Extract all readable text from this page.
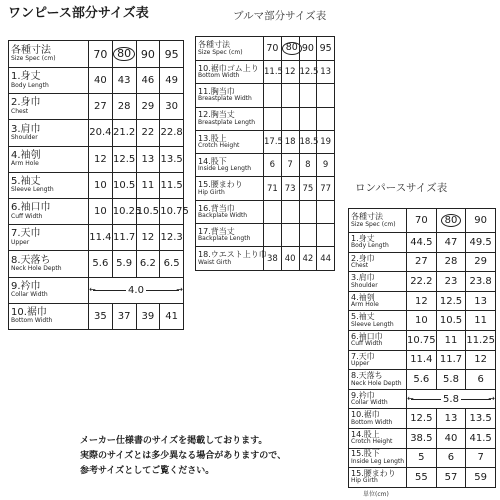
ワンピース部分サイズ表	ブルマ部分サイズ表
ロンパースサイズ表
各種寸法
Size Spec (cm)	70	80	90	95

1.身丈
Body Length	40	43	46	49

2.身巾
Chest	27	28	29	30

3.肩巾
Shoulder	20.4	21.2	22	22.8

4.袖刳
Arm Hole	12	12.5	13	13.5

5.袖丈
Sleeve Length	10	10.5	11	11.5

6.袖口巾
Cuff Width	10	10.25	10.5	10.75

7.天巾
Upper	11.4	11.7	12	12.3

8.天落ち
Neck Hole Depth	5.6	5.9	6.2	6.5

9.衿巾
Collar Width	← →
4.0			

10.裾巾
Bottom Width	35	37	39	41
各種寸法
Size Spec (cm)	70	80	90	95

10.裾巾ゴム上り
Bottom Width	11.5	12	12.5	13

11.胸当巾
Breastplate Width				

12.胸当丈
Breastplate Length				

13.股上
Crotch Height	17.5	18	18.5	19

14.股下
Inside Leg Length	6	7	8	9

15.腰まわり
Hip Girth	71	73	75	77

16.背当巾
Backplate Width				

17.背当丈
Backplate Length				

18.ウエスト上り巾
Waist Girth	38	40	42	44
各種寸法
Size Spec (cm)	70	80	90

1.身丈
Body Length	44.5	47	49.5

2.身巾
Chest	27	28	29

3.肩巾
Shoulder	22.2	23	23.8

4.袖刳
Arm Hole	12	12.5	13

5.袖丈
Sleeve Length	10	10.5	11

6.袖口巾
Cuff Width	10.75	11	11.25

7.天巾
Upper	11.4	11.7	12

8.天落ち
Neck Hole Depth	5.6	5.8	6

9.衿巾
Collar Width	← →
5.8		

10.裾巾
Bottom Width	12.5	13	13.5

14.股上
Crotch Height	38.5	40	41.5

15.股下
Inside Leg Length	5	6	7

15.腰まわり
Hip Girth	55	57	59
メーカー仕様書のサイズを掲載しております。
実際のサイズとは多少異なる場合がありますので、
参考サイズとしてご覧ください。
単位(cm)
